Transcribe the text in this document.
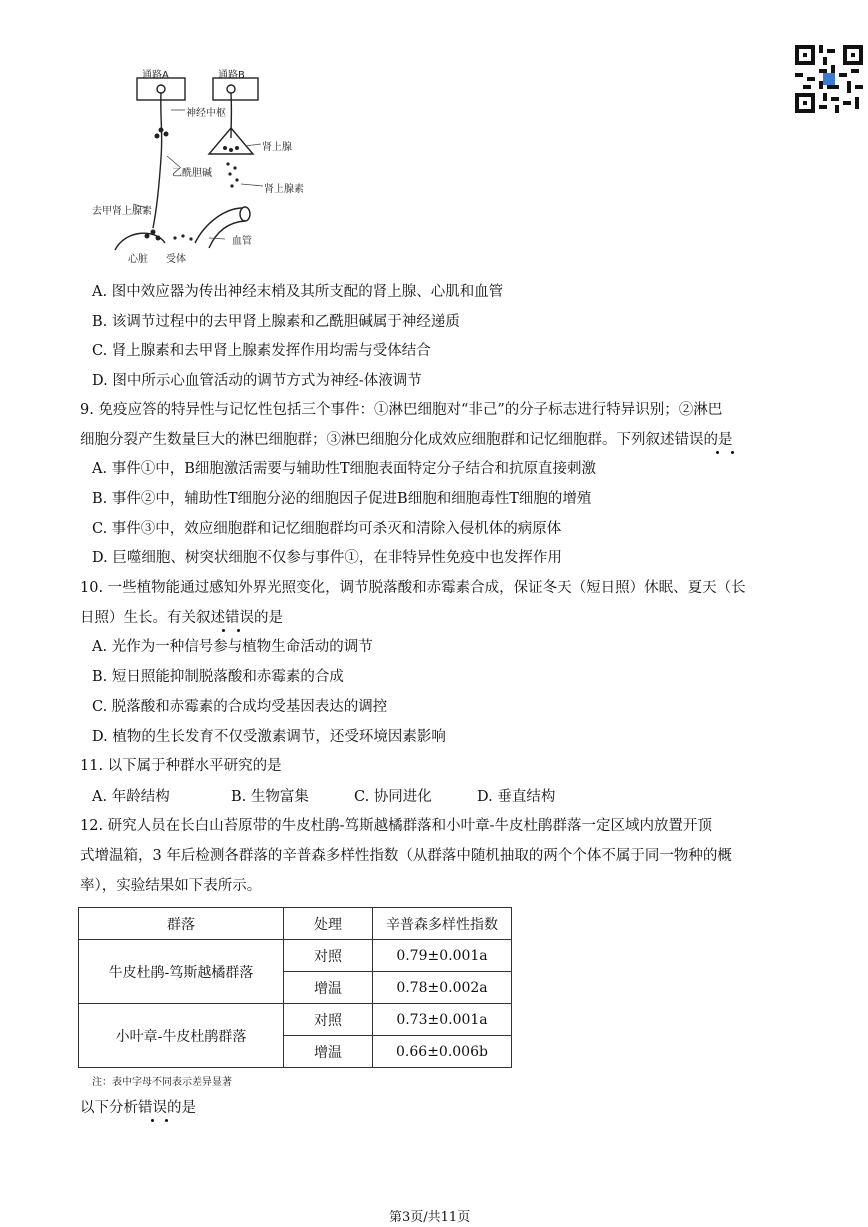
通路A	通路B
神经中枢
肾上腺
乙酰胆碱
肾上腺素
去甲肾上腺素
血管
心脏 受体
A. 图中效应器为传出神经末梢及其所支配的肾上腺、心肌和血管
B. 该调节过程中的去甲肾上腺素和乙酰胆碱属于神经递质
C. 肾上腺素和去甲肾上腺素发挥作用均需与受体结合
D. 图中所示心血管活动的调节方式为神经-体液调节
9. 免疫应答的特异性与记忆性包括三个事件：①淋巴细胞对“非己”的分子标志进行特异识别；②淋巴
细胞分裂产生数量巨大的淋巴细胞群；③淋巴细胞分化成效应细胞群和记忆细胞群。下列叙述错误的是
A. 事件①中，B细胞激活需要与辅助性T细胞表面特定分子结合和抗原直接刺激
B. 事件②中，辅助性T细胞分泌的细胞因子促进B细胞和细胞毒性T细胞的增殖
C. 事件③中，效应细胞群和记忆细胞群均可杀灭和清除入侵机体的病原体
D. 巨噬细胞、树突状细胞不仅参与事件①，在非特异性免疫中也发挥作用
10. 一些植物能通过感知外界光照变化，调节脱落酸和赤霉素合成，保证冬天（短日照）休眠、夏天（长
日照）生长。有关叙述错误的是
A. 光作为一种信号参与植物生命活动的调节
B. 短日照能抑制脱落酸和赤霉素的合成
C. 脱落酸和赤霉素的合成均受基因表达的调控
D. 植物的生长发育不仅受激素调节，还受环境因素影响
11. 以下属于种群水平研究的是
A. 年龄结构	B. 生物富集	C. 协同进化	D. 垂直结构
12. 研究人员在长白山苔原带的牛皮杜鹃-笃斯越橘群落和小叶章-牛皮杜鹃群落一定区域内放置开顶
式增温箱，3 年后检测各群落的辛普森多样性指数（从群落中随机抽取的两个个体不属于同一物种的概
率），实验结果如下表所示。
群落	处理	辛普森多样性指数
牛皮杜鹃-笃斯越橘群落	对照	0.79±0.001a
	增温	0.78±0.002a
小叶章-牛皮杜鹃群落	对照	0.73±0.001a
	增温	0.66±0.006b
注：表中字母不同表示差异显著
以下分析错误的是
第3页/共11页
